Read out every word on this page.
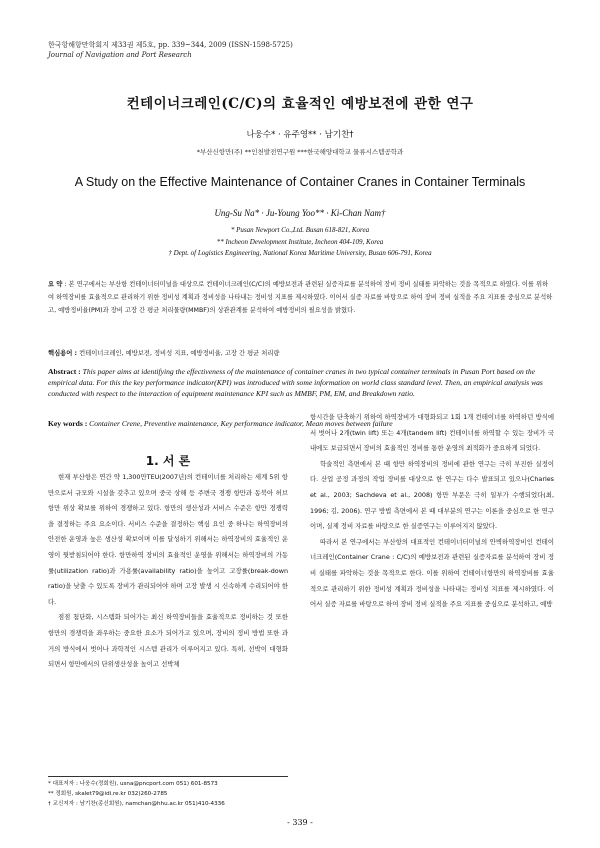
한국항해항만학회지 제33권 제5호, pp. 339~344, 2009 (ISSN-1598-5725)
Journal of Navigation and Port Research
컨테이너크레인(C/C)의 효율적인 예방보전에 관한 연구
나웅수* · 유주영** · 남기찬†
*부산신항만(주) **인천발전연구원 ***한국해양대학교 물류시스템공학과
A Study on the Effective Maintenance of Container Cranes in Container Terminals
Ung-Su Na* · Ju-Young Yoo** · Ki-Chan Nam†
* Pusan Newport Co.,Ltd. Busan 618-821, Korea
** Incheon Development Institute, Incheon 404-109, Korea
† Dept. of Logistics Engineering, National Korea Maritime University, Busan 606-791, Korea
요 약 : 본 연구에서는 부산항 컨테이너터미널을 대상으로 컨테이너크레인(C/C)의 예방보전과 관련된 실증자료를 분석하여 장비 정비 실태를 파악하는 것을 목적으로 하였다. 이를 위하여 하역장비를 효율적으로 관리하기 위한 정비성 계획과 정비성을 나타내는 정비성 지표를 제시하였다. 이어서 실증 자료를 바탕으로 하여 장비 정비 실적을 주요 지표를 중심으로 분석하고, 예방정비율(PM)과 장비 고장 간 평균 처리물량(MMBF)의 상관관계를 분석하여 예방정비의 필요성을 밝혔다.
핵심용어 : 컨테이너크레인, 예방보전, 정비성 지표, 예방정비율, 고장 간 평균 처리량
Abstract : This paper aims at identifying the effectiveness of the maintenance of container cranes in two typical container terminals in Pusan Port based on the empirical data. For this the key performance indicator(KPI) was introduced with some information on world class standard level. Then, an empirical analysis was conducted with respect to the interaction of equipment maintenance KPI such as MMBF, PM, EM, and Breakdown ratio.
Key words : Container Crene, Preventive maintenance, Key performance indicator, Mean moves between failure
1. 서 론

현재 부산항은 연간 약 1,300만TEU(2007년)의 컨테이너를 처리하는 세계 5위 항만으로서 규모와 시설을 갖추고 있으며 중국 상해 등 주변국 경쟁 항만과 동북아 허브 항만 위상 확보를 위하여 경쟁하고 있다. 항만의 생산성과 서비스 수준은 항만 경쟁력을 결정하는 주요 요소이다. 서비스 수준을 결정하는 핵심 요인 중 하나는 하역장비의 안전한 운영과 높은 생산성 확보이며 이를 달성하기 위해서는 하역장비의 효율적인 운영이 뒷받침되어야 한다. 항만하역 장비의 효율적인 운영을 위해서는 하역장비의 가동률(utilization ratio)과 가용률(availability ratio)을 높이고 고장률(break-down ratio)을 낮출 수 있도록 장비가 관리되어야 하며 고장 발생 시 신속하게 수리되어야 한다.

점점 첨단화, 시스템화 되어가는 최신 하역장비들을 효율적으로 정비하는 것 또한 항만의 경쟁력을 좌우하는 중요한 요소가 되어가고 있으며, 장비의 정비 방법 또한 과거의 방식에서 벗어나 과학적인 시스템 관리가 이루어지고 있다. 특히, 선박이 대형화 되면서 항만에서의 단위생산성을 높이고 선박체

항시간을 단축하기 위하여 하역장비가 대형화되고 1회 1개 컨테이너를 하역하던 방식에서 벗어나 2개(twin lift) 또는 4개(tandem lift) 컨테이너를 하역할 수 있는 장비가 국내에도 보급되면서 장비의 효율적인 정비를 통한 운영의 최적화가 중요하게 되었다.

학술적인 측면에서 본 때 항만 하역장비의 정비에 관한 연구는 극히 부진한 실정이다. 산업 공정 과정의 작업 장비를 대상으로 한 연구는 다수 발표되고 있으나(Charles et al., 2003; Sachdeva et al., 2008) 항만 부문은 극히 일부가 수행되었다(최, 1996; 김, 2006). 연구 방법 측면에서 본 때 대부분의 연구는 이론을 중심으로 한 연구이며, 실제 정비 자료를 바탕으로 한 실증연구는 이루어지지 않았다.

따라서 본 연구에서는 부산항의 대표적인 컨테이너터미널의 안벽하역장비인 컨테이너크레인(Container Crane : C/C)의 예방보전과 관련된 실증자료를 분석하여 장비 정비 실태를 파악하는 것을 목적으로 한다. 이를 위하여 컨테이너항만의 하역장비를 효율적으로 관리하기 위한 정비성 계획과 정비성을 나타내는 정비성 지표를 제시하였다. 이어서 실증 자료를 바탕으로 하여 장비 정비 실적을 주요 지표를 중심으로 분석하고, 예방

* 대표저자 : 나웅수(정회원), usna@pncport.com 051) 601-8573
** 정회원, skalet79@idi.re.kr 032)260-2785
† 교신저자 : 남기찬(종신회원), namchan@hhu.ac.kr 051)410-4336
- 339 -
